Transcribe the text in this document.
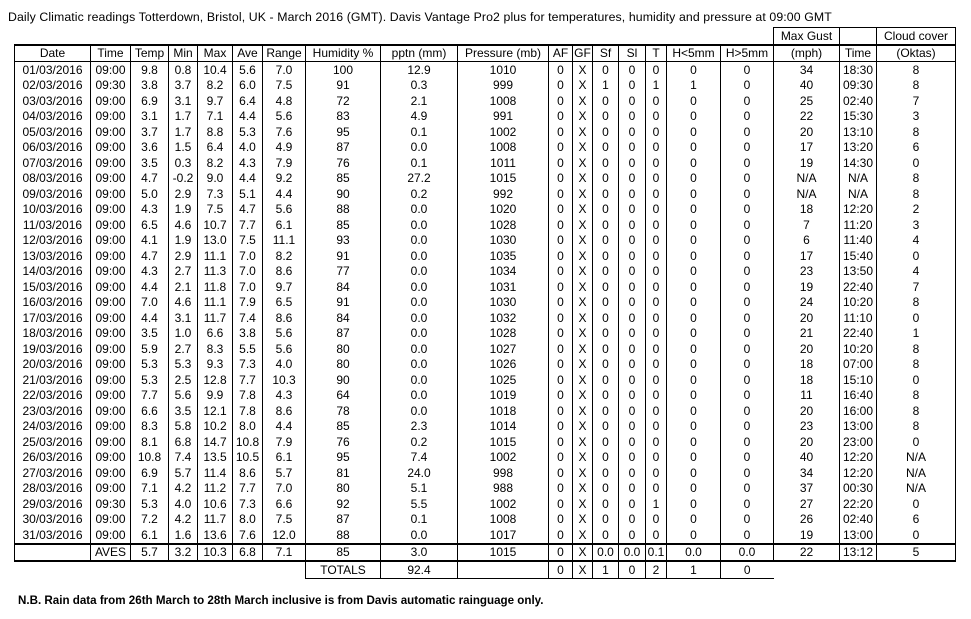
Daily Climatic readings Totterdown, Bristol, UK - March 2016 (GMT). Davis Vantage Pro2 plus for temperatures, humidity and pressure at 09:00 GMT
																	Max Gust		Cloud cover
Date	Time	Temp	Min	Max	Ave	Range	Humidity %	pptn (mm)	Pressure (mb)	AF	GF	Sf	Sl	T	H<5mm	H>5mm	(mph)	Time	(Oktas)
01/03/2016	09:00	9.8	0.8	10.4	5.6	7.0	100	12.9	1010	0	X	0	0	0	0	0	34	18:30	8
02/03/2016	09:30	3.8	3.7	8.2	6.0	7.5	91	0.3	999	0	X	1	0	1	1	0	40	09:30	8
03/03/2016	09:00	6.9	3.1	9.7	6.4	4.8	72	2.1	1008	0	X	0	0	0	0	0	25	02:40	7
04/03/2016	09:00	3.1	1.7	7.1	4.4	5.6	83	4.9	991	0	X	0	0	0	0	0	22	15:30	3
05/03/2016	09:00	3.7	1.7	8.8	5.3	7.6	95	0.1	1002	0	X	0	0	0	0	0	20	13:10	8
06/03/2016	09:00	3.6	1.5	6.4	4.0	4.9	87	0.0	1008	0	X	0	0	0	0	0	17	13:20	6
07/03/2016	09:00	3.5	0.3	8.2	4.3	7.9	76	0.1	1011	0	X	0	0	0	0	0	19	14:30	0
08/03/2016	09:00	4.7	-0.2	9.0	4.4	9.2	85	27.2	1015	0	X	0	0	0	0	0	N/A	N/A	8
09/03/2016	09:00	5.0	2.9	7.3	5.1	4.4	90	0.2	992	0	X	0	0	0	0	0	N/A	N/A	8
10/03/2016	09:00	4.3	1.9	7.5	4.7	5.6	88	0.0	1020	0	X	0	0	0	0	0	18	12:20	2
11/03/2016	09:00	6.5	4.6	10.7	7.7	6.1	85	0.0	1028	0	X	0	0	0	0	0	7	11:20	3
12/03/2016	09:00	4.1	1.9	13.0	7.5	11.1	93	0.0	1030	0	X	0	0	0	0	0	6	11:40	4
13/03/2016	09:00	4.7	2.9	11.1	7.0	8.2	91	0.0	1035	0	X	0	0	0	0	0	17	15:40	0
14/03/2016	09:00	4.3	2.7	11.3	7.0	8.6	77	0.0	1034	0	X	0	0	0	0	0	23	13:50	4
15/03/2016	09:00	4.4	2.1	11.8	7.0	9.7	84	0.0	1031	0	X	0	0	0	0	0	19	22:40	7
16/03/2016	09:00	7.0	4.6	11.1	7.9	6.5	91	0.0	1030	0	X	0	0	0	0	0	24	10:20	8
17/03/2016	09:00	4.4	3.1	11.7	7.4	8.6	84	0.0	1032	0	X	0	0	0	0	0	20	11:10	0
18/03/2016	09:00	3.5	1.0	6.6	3.8	5.6	87	0.0	1028	0	X	0	0	0	0	0	21	22:40	1
19/03/2016	09:00	5.9	2.7	8.3	5.5	5.6	80	0.0	1027	0	X	0	0	0	0	0	20	10:20	8
20/03/2016	09:00	5.3	5.3	9.3	7.3	4.0	80	0.0	1026	0	X	0	0	0	0	0	18	07:00	8
21/03/2016	09:00	5.3	2.5	12.8	7.7	10.3	90	0.0	1025	0	X	0	0	0	0	0	18	15:10	0
22/03/2016	09:00	7.7	5.6	9.9	7.8	4.3	64	0.0	1019	0	X	0	0	0	0	0	11	16:40	8
23/03/2016	09:00	6.6	3.5	12.1	7.8	8.6	78	0.0	1018	0	X	0	0	0	0	0	20	16:00	8
24/03/2016	09:00	8.3	5.8	10.2	8.0	4.4	85	2.3	1014	0	X	0	0	0	0	0	23	13:00	8
25/03/2016	09:00	8.1	6.8	14.7	10.8	7.9	76	0.2	1015	0	X	0	0	0	0	0	20	23:00	0
26/03/2016	09:00	10.8	7.4	13.5	10.5	6.1	95	7.4	1002	0	X	0	0	0	0	0	40	12:20	N/A
27/03/2016	09:00	6.9	5.7	11.4	8.6	5.7	81	24.0	998	0	X	0	0	0	0	0	34	12:20	N/A
28/03/2016	09:00	7.1	4.2	11.2	7.7	7.0	80	5.1	988	0	X	0	0	0	0	0	37	00:30	N/A
29/03/2016	09:30	5.3	4.0	10.6	7.3	6.6	92	5.5	1002	0	X	0	0	1	0	0	27	22:20	0
30/03/2016	09:00	7.2	4.2	11.7	8.0	7.5	87	0.1	1008	0	X	0	0	0	0	0	26	02:40	6
31/03/2016	09:00	6.1	1.6	13.6	7.6	12.0	88	0.0	1017	0	X	0	0	0	0	0	19	13:00	0
	AVES	5.7	3.2	10.3	6.8	7.1	85	3.0	1015	0	X	0.0	0.0	0.1	0.0	0.0	22	13:12	5
							TOTALS	92.4		0	X	1	0	2	1	0			
N.B. Rain data from 26th March to 28th March inclusive is from Davis automatic rainguage only.
